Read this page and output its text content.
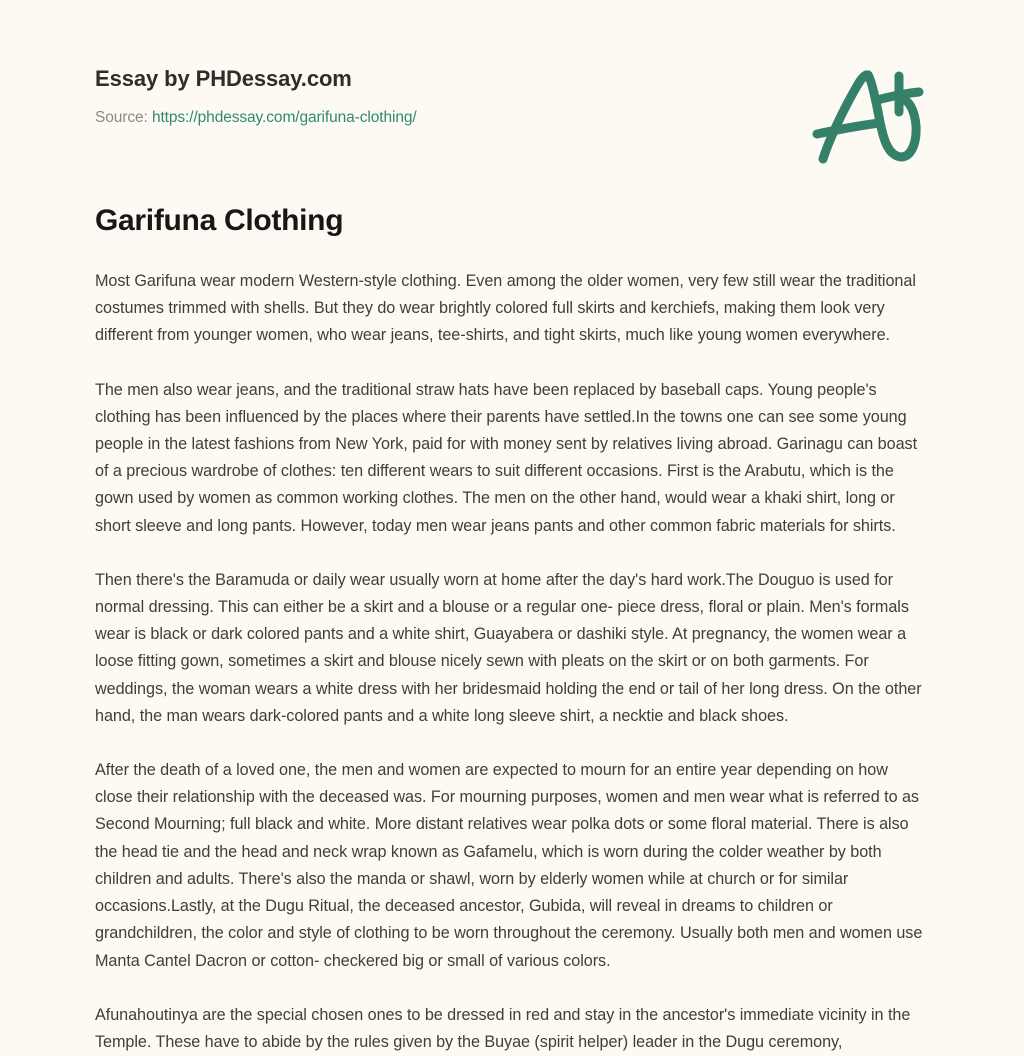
Essay by PHDessay.com
Source: https://phdessay.com/garifuna-clothing/
Garifuna Clothing

Most Garifuna wear modern Western-style clothing. Even among the older women, very few still wear the traditional costumes trimmed with shells. But they do wear brightly colored full skirts and kerchiefs, making them look very different from younger women, who wear jeans, tee-shirts, and tight skirts, much like young women everywhere.

The men also wear jeans, and the traditional straw hats have been replaced by baseball caps. Young people's clothing has been influenced by the places where their parents have settled.In the towns one can see some young people in the latest fashions from New York, paid for with money sent by relatives living abroad. Garinagu can boast of a precious wardrobe of clothes: ten different wears to suit different occasions. First is the Arabutu, which is the gown used by women as common working clothes. The men on the other hand, would wear a khaki shirt, long or short sleeve and long pants. However, today men wear jeans pants and other common fabric materials for shirts.

Then there's the Baramuda or daily wear usually worn at home after the day's hard work.The Douguo is used for normal dressing. This can either be a skirt and a blouse or a regular one- piece dress, floral or plain. Men's formals wear is black or dark colored pants and a white shirt, Guayabera or dashiki style. At pregnancy, the women wear a loose fitting gown, sometimes a skirt and blouse nicely sewn with pleats on the skirt or on both garments. For weddings, the woman wears a white dress with her bridesmaid holding the end or tail of her long dress. On the other hand, the man wears dark-colored pants and a white long sleeve shirt, a necktie and black shoes.

After the death of a loved one, the men and women are expected to mourn for an entire year depending on how close their relationship with the deceased was. For mourning purposes, women and men wear what is referred to as Second Mourning; full black and white. More distant relatives wear polka dots or some floral material. There is also the head tie and the head and neck wrap known as Gafamelu, which is worn during the colder weather by both children and adults. There's also the manda or shawl, worn by elderly women while at church or for similar occasions.Lastly, at the Dugu Ritual, the deceased ancestor, Gubida, will reveal in dreams to children or grandchildren, the color and style of clothing to be worn throughout the ceremony. Usually both men and women use Manta Cantel Dacron or cotton- checkered big or small of various colors.

Afunahoutinya are the special chosen ones to be dressed in red and stay in the ancestor's immediate vicinity in the Temple. These have to abide by the rules given by the Buyae (spirit helper) leader in the Dugu ceremony,
